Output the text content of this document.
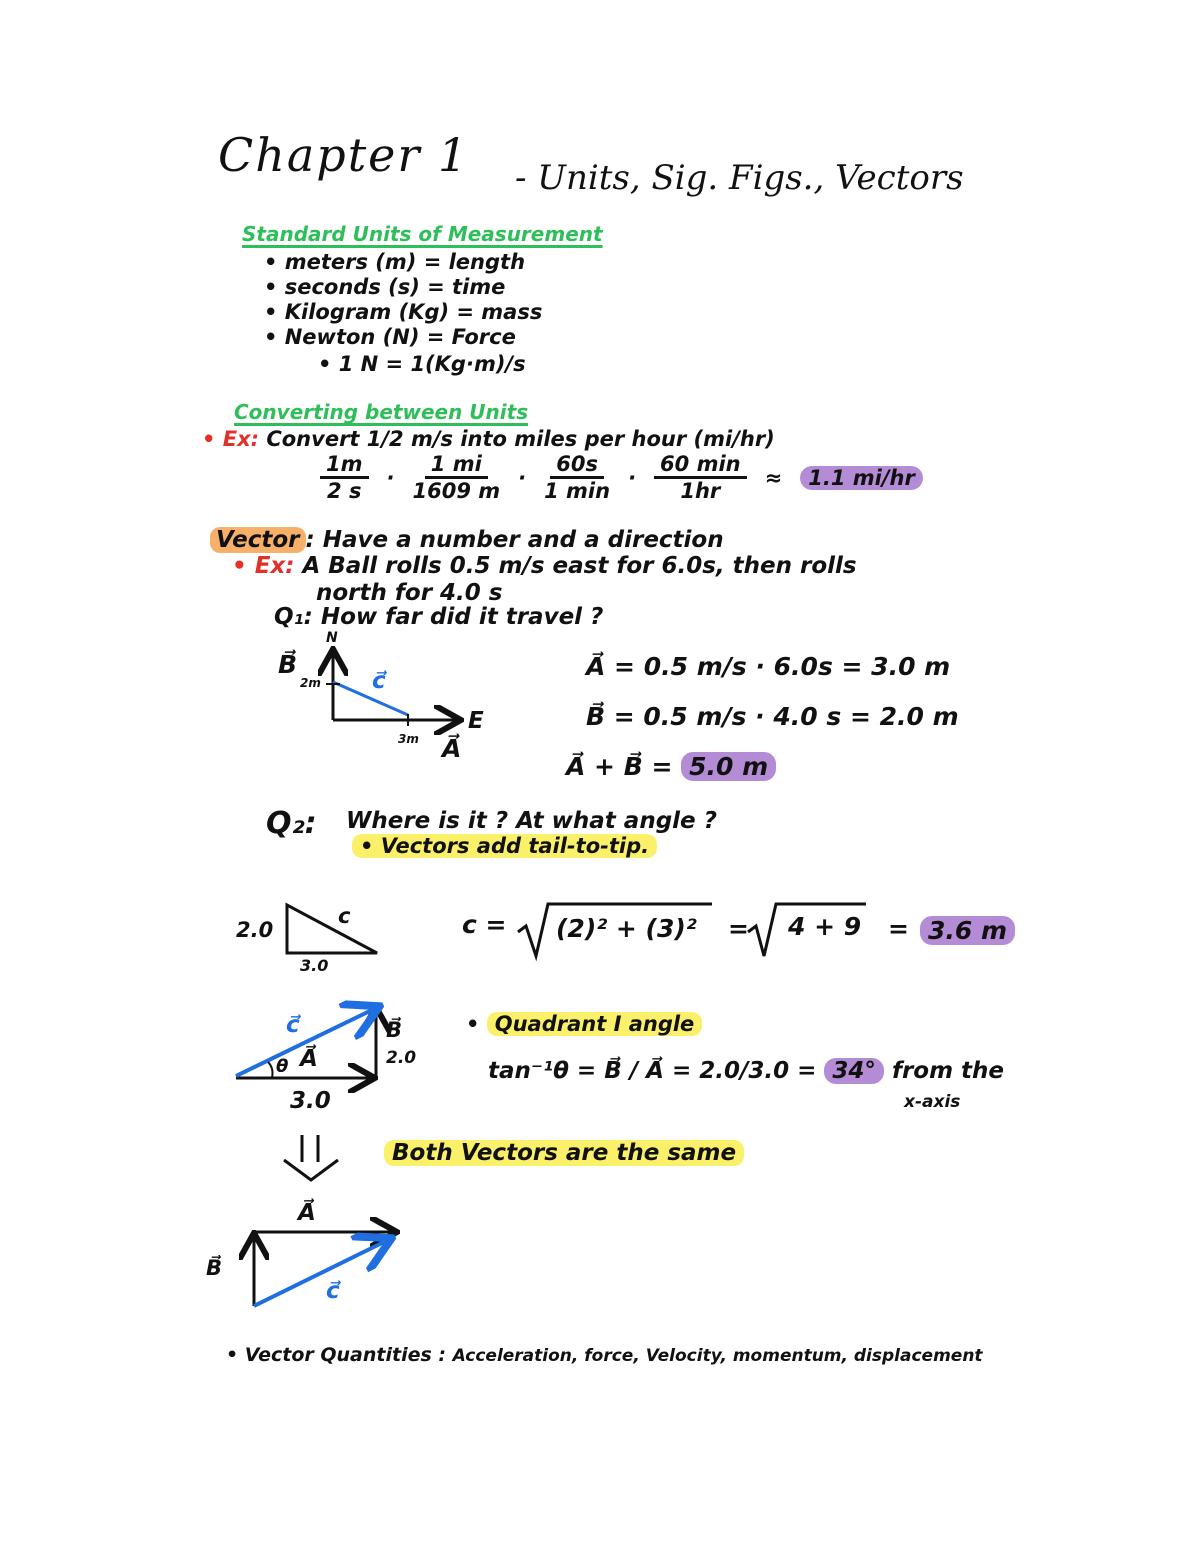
Chapter 1 - Units, Sig. Figs., Vectors
Standard Units of Measurement
• meters (m) = length
• seconds (s) = time
• Kilogram (Kg) = mass
• Newton (N) = Force
• 1 N = 1(Kg·m)/s
Converting between Units
• Ex: Convert 1/2 m/s into miles per hour (mi/hr)
$\frac{1m}{2 s} \cdot \frac{1 mi}{1609 m} \cdot \frac{60s}{1 \min} \cdot \frac{60 \min}{1hr}$ ≈	1.1 mi/hr
Vector : Have a number and a direction
• Ex: A Ball rolls 0.5 m/s east for 6.0s, then rolls
north for 4.0 s
Q₁: How far did it travel ?
N
E
B⃗
2m c⃗
3m A⃗
A⃗ = 0.5 m/s · 6.0s = 3.0 m
B⃗ = 0.5 m/s · 4.0 s = 2.0 m
A⃗ + B⃗ = 5.0 m
Q₂: Where is it ? At what angle ?
• Vectors add tail-to-tip.
2.0
c
3.0
c = (2)² + (3)² = 4 + 9 = 3.6 m
c⃗
θ A⃗
B⃗
2.0
3.0
• Quadrant I angle
tan⁻¹θ = B⃗ / A⃗ = 2.0/3.0 = 34° from the
x-axis
Both Vectors are the same
A⃗
B⃗
c⃗
• Vector Quantities : Acceleration, force, Velocity, momentum, displacement
